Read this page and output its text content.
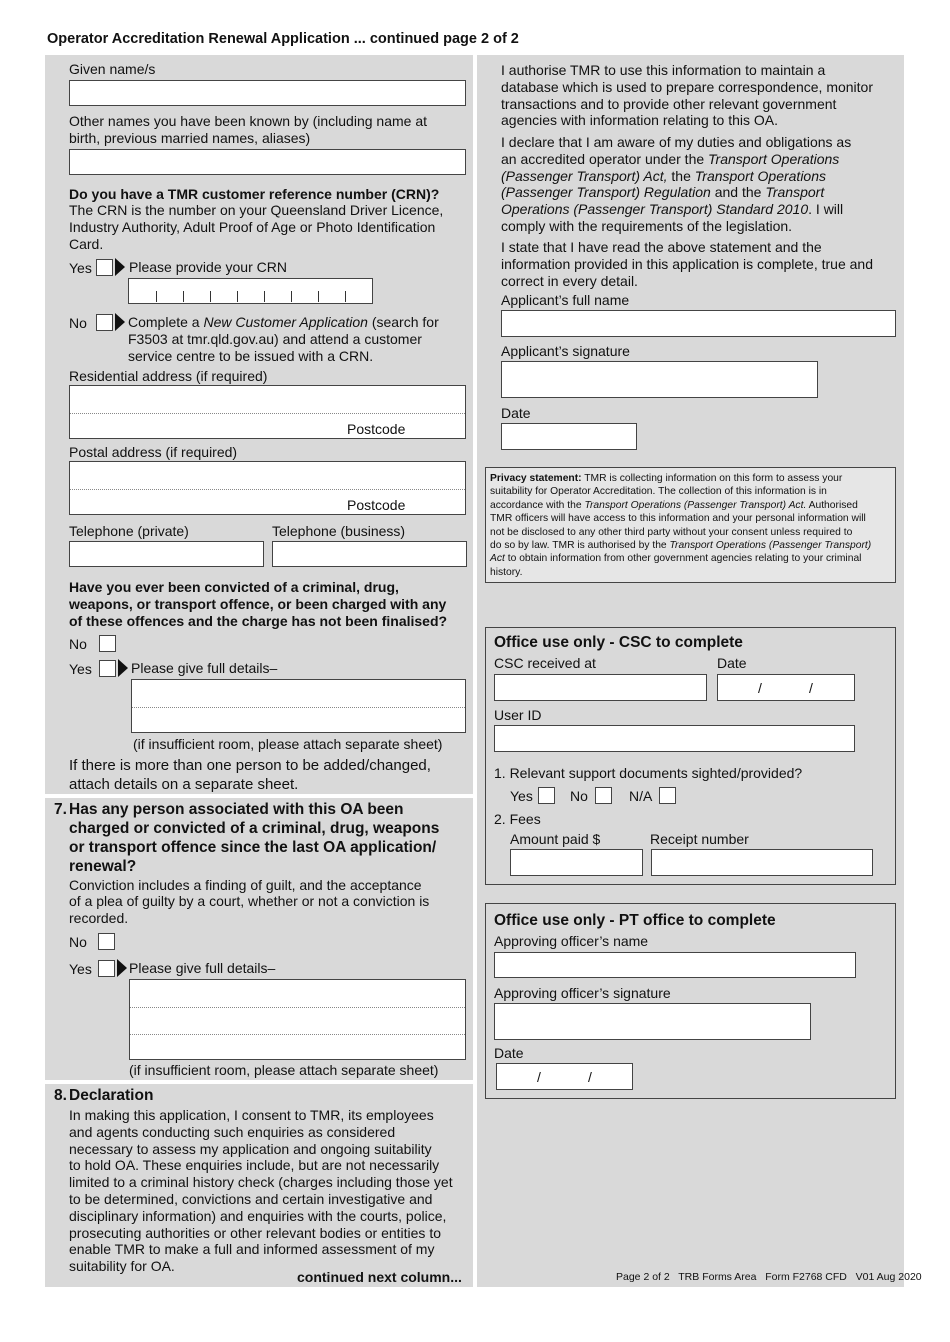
Operator Accreditation Renewal Application ... continued page 2 of 2
Given name/s
Other names you have been known by (including name at
birth, previous married names, aliases)
Do you have a TMR customer reference number (CRN)?
The CRN is the number on your Queensland Driver Licence,
Industry Authority, Adult Proof of Age or Photo Identification
Card.
Yes	Please provide your CRN
No	Complete a New Customer Application (search for
F3503 at tmr.qld.gov.au) and attend a customer
service centre to be issued with a CRN.
Residential address (if required)
Postcode
Postal address (if required)
Postcode
Telephone (private)	Telephone (business)
Have you ever been convicted of a criminal, drug,
weapons, or transport offence, or been charged with any
of these offences and the charge has not been finalised?
No
Yes	Please give full details–
(if insufficient room, please attach separate sheet)
If there is more than one person to be added/changed,
attach details on a separate sheet.
7. Has any person associated with this OA been
charged or convicted of a criminal, drug, weapons
or transport offence since the last OA application/
renewal?
Conviction includes a finding of guilt, and the acceptance
of a plea of guilty by a court, whether or not a conviction is
recorded.
No
Yes	Please give full details–
(if insufficient room, please attach separate sheet)
8. Declaration
In making this application, I consent to TMR, its employees
and agents conducting such enquiries as considered
necessary to assess my application and ongoing suitability
to hold OA. These enquiries include, but are not necessarily
limited to a criminal history check (charges including those yet
to be determined, convictions and certain investigative and
disciplinary information) and enquiries with the courts, police,
prosecuting authorities or other relevant bodies or entities to
enable TMR to make a full and informed assessment of my
suitability for OA.
continued next column...
I authorise TMR to use this information to maintain a
database which is used to prepare correspondence, monitor
transactions and to provide other relevant government
agencies with information relating to this OA.
I declare that I am aware of my duties and obligations as
an accredited operator under the Transport Operations
(Passenger Transport) Act, the Transport Operations
(Passenger Transport) Regulation and the Transport
Operations (Passenger Transport) Standard 2010. I will
comply with the requirements of the legislation.
I state that I have read the above statement and the
information provided in this application is complete, true and
correct in every detail.
Applicant’s full name
Applicant’s signature
Date
Privacy statement: TMR is collecting information on this form to assess your
suitability for Operator Accreditation. The collection of this information is in
accordance with the Transport Operations (Passenger Transport) Act. Authorised
TMR officers will have access to this information and your personal information will
not be disclosed to any other third party without your consent unless required to
do so by law. TMR is authorised by the Transport Operations (Passenger Transport)
Act to obtain information from other government agencies relating to your criminal
history.
Office use only - CSC to complete
CSC received at	Date
/	/
User ID
1. Relevant support documents sighted/provided?
Yes	No	N/A
2. Fees
Amount paid $	Receipt number
Office use only - PT office to complete
Approving officer’s name
Approving officer’s signature
Date
/	/
Page 2 of 2   TRB Forms Area   Form F2768 CFD   V01 Aug 2020
